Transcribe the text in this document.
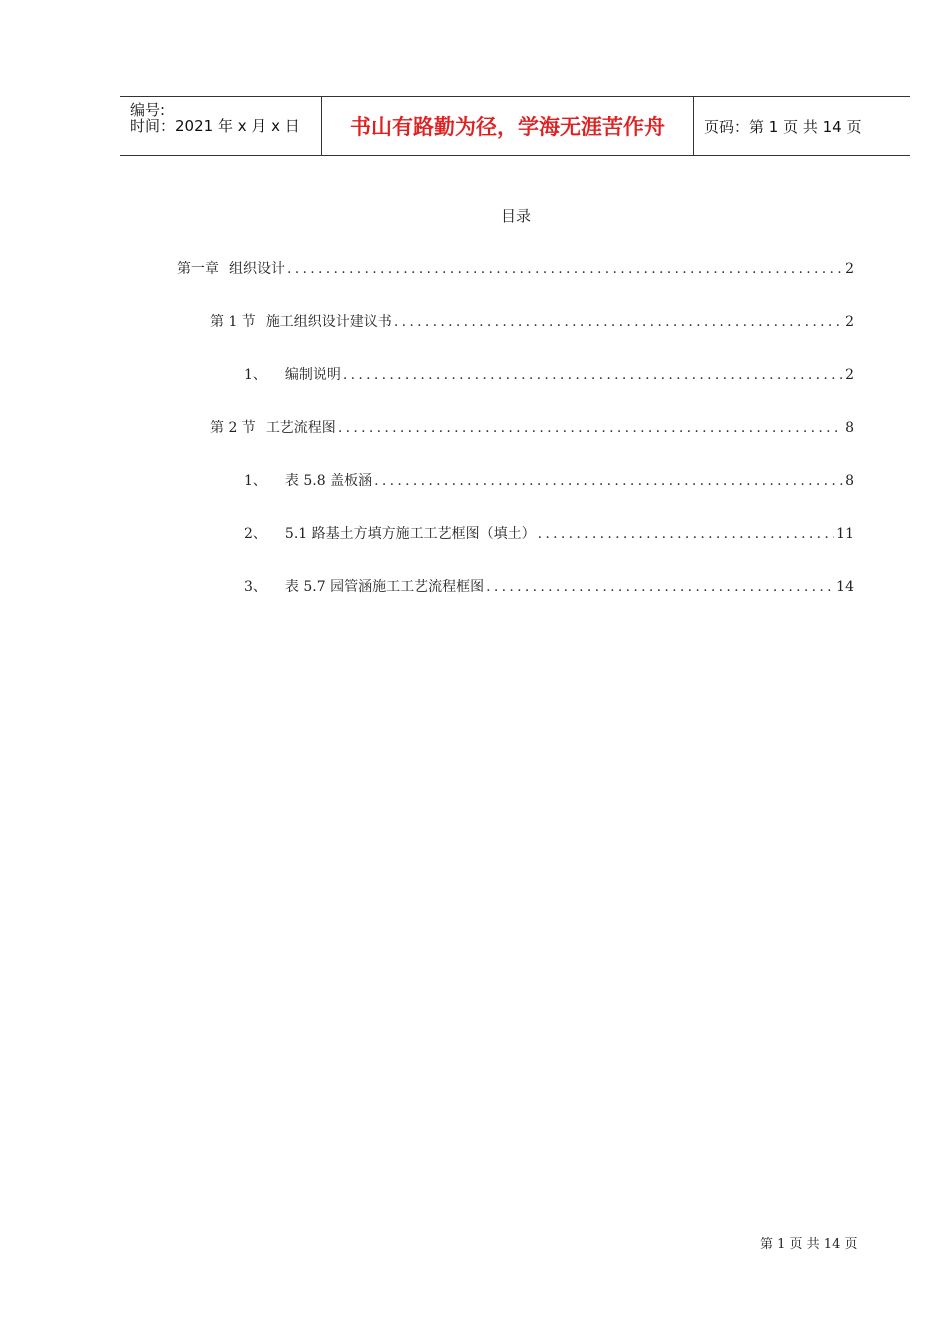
编号:
时间：2021 年 x 月 x 日 书山有路勤为径，学海无涯苦作舟	页码：第 1 页 共 14 页
目录
第一章 组织设计 .....	2
第 1 节 施工组织设计建议书 .....	2
1、 编制说明 .....	2
第 2 节 工艺流程图 .....	8
1、 表 5.8 盖板涵 .....	8
2、 5.1 路基土方填方施工工艺框图（填土） .....	11
3、 表 5.7 园管涵施工工艺流程框图 .....	14
第 1 页 共 14 页
